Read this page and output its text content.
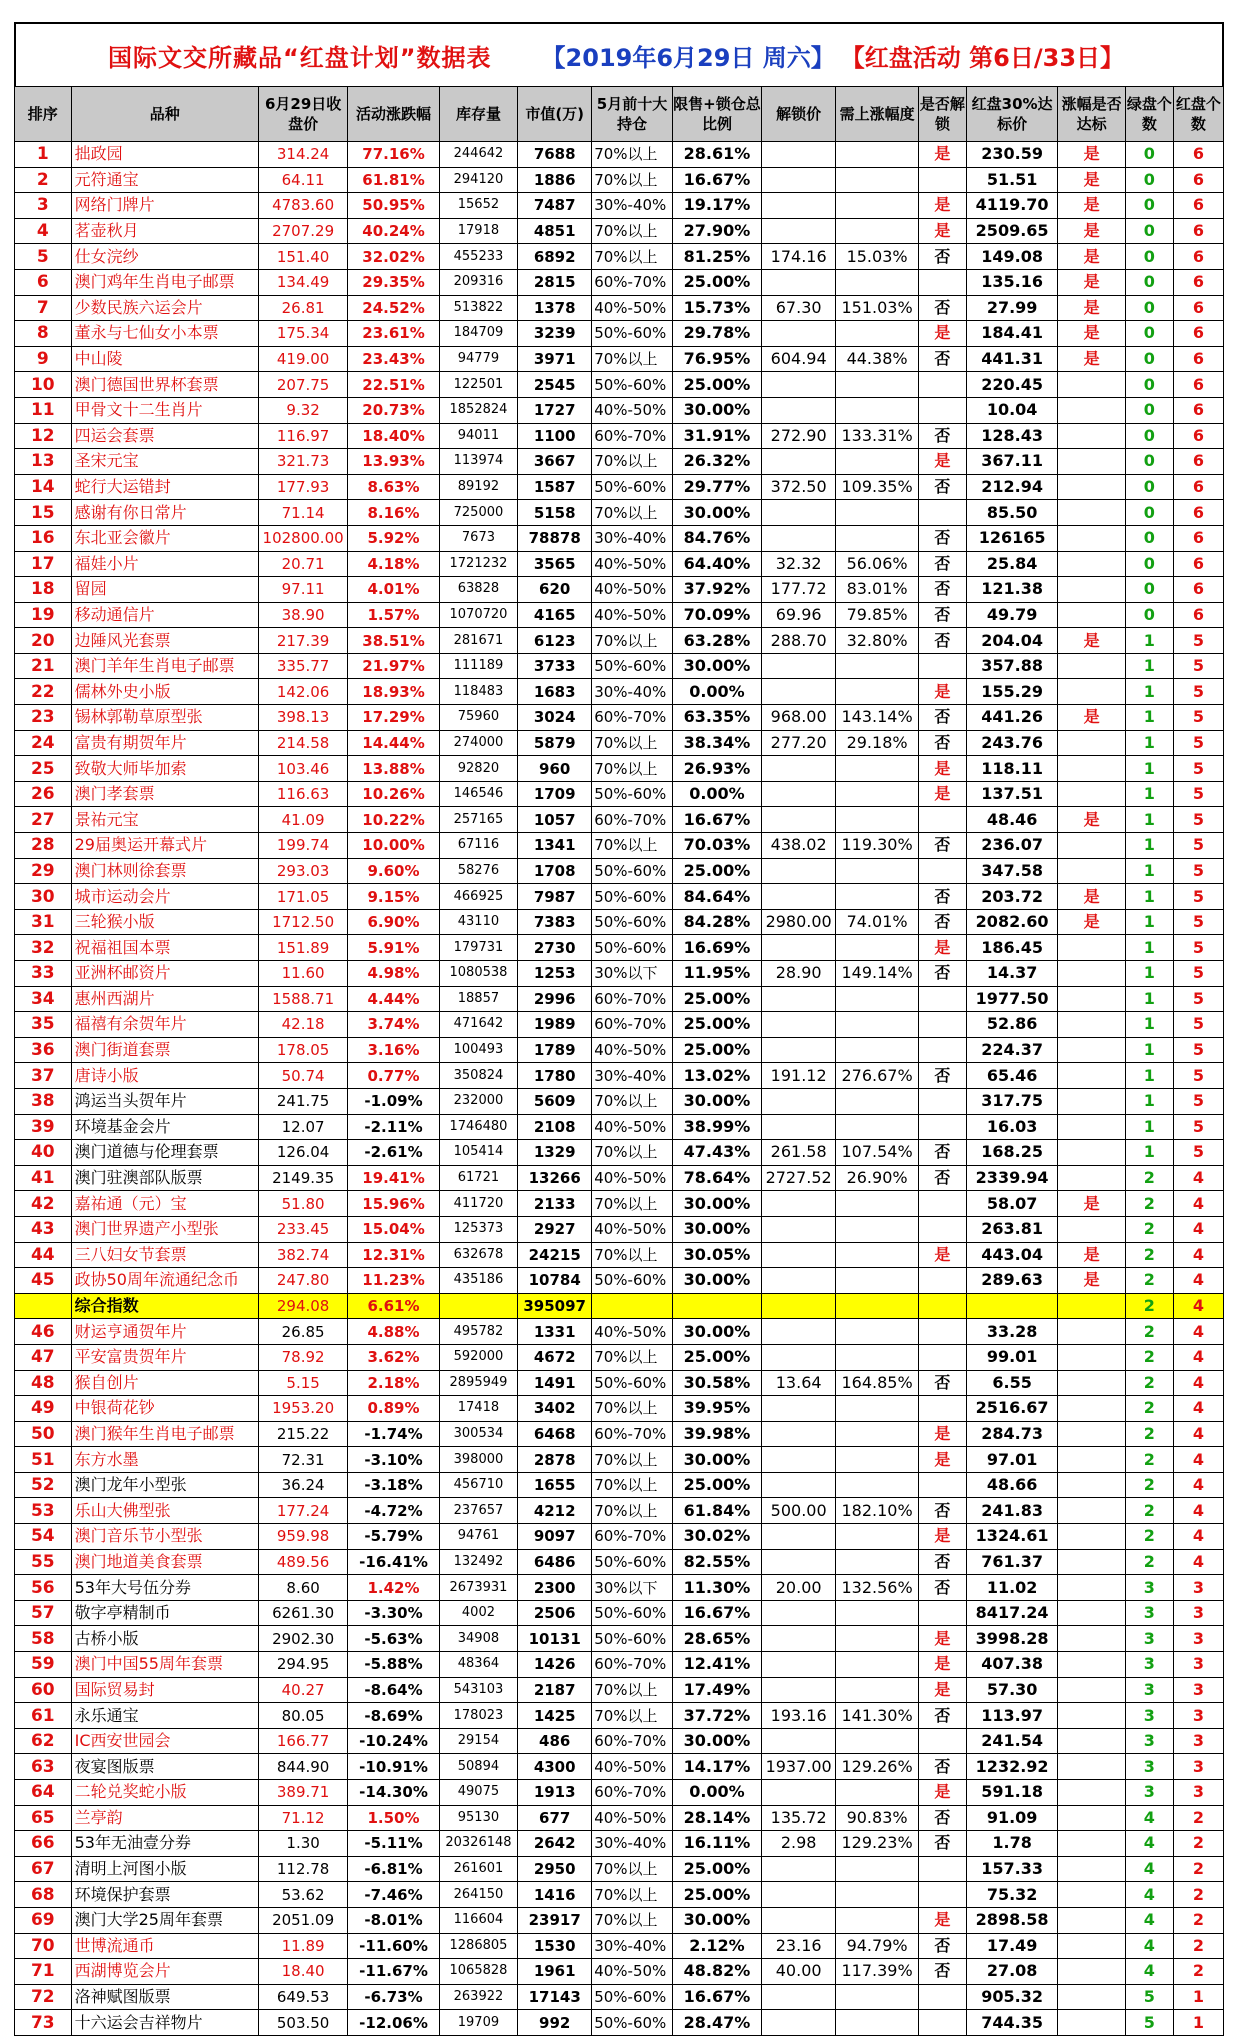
国际文交所藏品“红盘计划”数据表 【2019年6月29日 周六】 【红盘活动 第6日/33日】
排序	品种	6月29日收盘价	活动涨跌幅	库存量	市值(万)	5月前十大持仓	限售+锁仓总比例	解锁价	需上涨幅度	是否解锁	红盘30%达标价	涨幅是否达标	绿盘个数	红盘个数
1	拙政园	314.24	77.16%	244642	7688	70%以上	28.61%			是	230.59	是	0	6
2	元符通宝	64.11	61.81%	294120	1886	70%以上	16.67%				51.51	是	0	6
3	网络门牌片	4783.60	50.95%	15652	7487	30%-40%	19.17%			是	4119.70	是	0	6
4	茗壶秋月	2707.29	40.24%	17918	4851	70%以上	27.90%			是	2509.65	是	0	6
5	仕女浣纱	151.40	32.02%	455233	6892	70%以上	81.25%	174.16	15.03%	否	149.08	是	0	6
6	澳门鸡年生肖电子邮票	134.49	29.35%	209316	2815	60%-70%	25.00%				135.16	是	0	6
7	少数民族六运会片	26.81	24.52%	513822	1378	40%-50%	15.73%	67.30	151.03%	否	27.99	是	0	6
8	董永与七仙女小本票	175.34	23.61%	184709	3239	50%-60%	29.78%			是	184.41	是	0	6
9	中山陵	419.00	23.43%	94779	3971	70%以上	76.95%	604.94	44.38%	否	441.31	是	0	6
10	澳门德国世界杯套票	207.75	22.51%	122501	2545	50%-60%	25.00%				220.45		0	6
11	甲骨文十二生肖片	9.32	20.73%	1852824	1727	40%-50%	30.00%				10.04		0	6
12	四运会套票	116.97	18.40%	94011	1100	60%-70%	31.91%	272.90	133.31%	否	128.43		0	6
13	圣宋元宝	321.73	13.93%	113974	3667	70%以上	26.32%			是	367.11		0	6
14	蛇行大运错封	177.93	8.63%	89192	1587	50%-60%	29.77%	372.50	109.35%	否	212.94		0	6
15	感谢有你日常片	71.14	8.16%	725000	5158	70%以上	30.00%				85.50		0	6
16	东北亚会徽片	102800.00	5.92%	7673	78878	30%-40%	84.76%			否	126165		0	6
17	福娃小片	20.71	4.18%	1721232	3565	40%-50%	64.40%	32.32	56.06%	否	25.84		0	6
18	留园	97.11	4.01%	63828	620	40%-50%	37.92%	177.72	83.01%	否	121.38		0	6
19	移动通信片	38.90	1.57%	1070720	4165	40%-50%	70.09%	69.96	79.85%	否	49.79		0	6
20	边陲风光套票	217.39	38.51%	281671	6123	70%以上	63.28%	288.70	32.80%	否	204.04	是	1	5
21	澳门羊年生肖电子邮票	335.77	21.97%	111189	3733	50%-60%	30.00%				357.88		1	5
22	儒林外史小版	142.06	18.93%	118483	1683	30%-40%	0.00%			是	155.29		1	5
23	锡林郭勒草原型张	398.13	17.29%	75960	3024	60%-70%	63.35%	968.00	143.14%	否	441.26	是	1	5
24	富贵有期贺年片	214.58	14.44%	274000	5879	70%以上	38.34%	277.20	29.18%	否	243.76		1	5
25	致敬大师毕加索	103.46	13.88%	92820	960	70%以上	26.93%			是	118.11		1	5
26	澳门孝套票	116.63	10.26%	146546	1709	50%-60%	0.00%			是	137.51		1	5
27	景祐元宝	41.09	10.22%	257165	1057	60%-70%	16.67%				48.46	是	1	5
28	29届奥运开幕式片	199.74	10.00%	67116	1341	70%以上	70.03%	438.02	119.30%	否	236.07		1	5
29	澳门林则徐套票	293.03	9.60%	58276	1708	50%-60%	25.00%				347.58		1	5
30	城市运动会片	171.05	9.15%	466925	7987	50%-60%	84.64%			否	203.72	是	1	5
31	三轮猴小版	1712.50	6.90%	43110	7383	50%-60%	84.28%	2980.00	74.01%	否	2082.60	是	1	5
32	祝福祖国本票	151.89	5.91%	179731	2730	50%-60%	16.69%			是	186.45		1	5
33	亚洲杯邮资片	11.60	4.98%	1080538	1253	30%以下	11.95%	28.90	149.14%	否	14.37		1	5
34	惠州西湖片	1588.71	4.44%	18857	2996	60%-70%	25.00%				1977.50		1	5
35	福禧有余贺年片	42.18	3.74%	471642	1989	60%-70%	25.00%				52.86		1	5
36	澳门街道套票	178.05	3.16%	100493	1789	40%-50%	25.00%				224.37		1	5
37	唐诗小版	50.74	0.77%	350824	1780	30%-40%	13.02%	191.12	276.67%	否	65.46		1	5
38	鸿运当头贺年片	241.75	-1.09%	232000	5609	70%以上	30.00%				317.75		1	5
39	环境基金会片	12.07	-2.11%	1746480	2108	40%-50%	38.99%				16.03		1	5
40	澳门道德与伦理套票	126.04	-2.61%	105414	1329	70%以上	47.43%	261.58	107.54%	否	168.25		1	5
41	澳门驻澳部队版票	2149.35	19.41%	61721	13266	40%-50%	78.64%	2727.52	26.90%	否	2339.94		2	4
42	嘉祐通（元）宝	51.80	15.96%	411720	2133	70%以上	30.00%				58.07	是	2	4
43	澳门世界遗产小型张	233.45	15.04%	125373	2927	40%-50%	30.00%				263.81		2	4
44	三八妇女节套票	382.74	12.31%	632678	24215	70%以上	30.05%			是	443.04	是	2	4
45	政协50周年流通纪念币	247.80	11.23%	435186	10784	50%-60%	30.00%				289.63	是	2	4
	综合指数	294.08	6.61%		395097								2	4
46	财运亨通贺年片	26.85	4.88%	495782	1331	40%-50%	30.00%				33.28		2	4
47	平安富贵贺年片	78.92	3.62%	592000	4672	70%以上	25.00%				99.01		2	4
48	猴自创片	5.15	2.18%	2895949	1491	50%-60%	30.58%	13.64	164.85%	否	6.55		2	4
49	中银荷花钞	1953.20	0.89%	17418	3402	70%以上	39.95%				2516.67		2	4
50	澳门猴年生肖电子邮票	215.22	-1.74%	300534	6468	60%-70%	39.98%			是	284.73		2	4
51	东方水墨	72.31	-3.10%	398000	2878	70%以上	30.00%			是	97.01		2	4
52	澳门龙年小型张	36.24	-3.18%	456710	1655	70%以上	25.00%				48.66		2	4
53	乐山大佛型张	177.24	-4.72%	237657	4212	70%以上	61.84%	500.00	182.10%	否	241.83		2	4
54	澳门音乐节小型张	959.98	-5.79%	94761	9097	60%-70%	30.02%			是	1324.61		2	4
55	澳门地道美食套票	489.56	-16.41%	132492	6486	50%-60%	82.55%			否	761.37		2	4
56	53年大号伍分券	8.60	1.42%	2673931	2300	30%以下	11.30%	20.00	132.56%	否	11.02		3	3
57	敬字亭精制币	6261.30	-3.30%	4002	2506	50%-60%	16.67%				8417.24		3	3
58	古桥小版	2902.30	-5.63%	34908	10131	50%-60%	28.65%			是	3998.28		3	3
59	澳门中国55周年套票	294.95	-5.88%	48364	1426	60%-70%	12.41%			是	407.38		3	3
60	国际贸易封	40.27	-8.64%	543103	2187	70%以上	17.49%			是	57.30		3	3
61	永乐通宝	80.05	-8.69%	178023	1425	70%以上	37.72%	193.16	141.30%	否	113.97		3	3
62	IC西安世园会	166.77	-10.24%	29154	486	60%-70%	30.00%				241.54		3	3
63	夜宴图版票	844.90	-10.91%	50894	4300	40%-50%	14.17%	1937.00	129.26%	否	1232.92		3	3
64	二轮兑奖蛇小版	389.71	-14.30%	49075	1913	60%-70%	0.00%			是	591.18		3	3
65	兰亭韵	71.12	1.50%	95130	677	40%-50%	28.14%	135.72	90.83%	否	91.09		4	2
66	53年无油壹分券	1.30	-5.11%	20326148	2642	30%-40%	16.11%	2.98	129.23%	否	1.78		4	2
67	清明上河图小版	112.78	-6.81%	261601	2950	70%以上	25.00%				157.33		4	2
68	环境保护套票	53.62	-7.46%	264150	1416	70%以上	25.00%				75.32		4	2
69	澳门大学25周年套票	2051.09	-8.01%	116604	23917	70%以上	30.00%			是	2898.58		4	2
70	世博流通币	11.89	-11.60%	1286805	1530	30%-40%	2.12%	23.16	94.79%	否	17.49		4	2
71	西湖博览会片	18.40	-11.67%	1065828	1961	40%-50%	48.82%	40.00	117.39%	否	27.08		4	2
72	洛神赋图版票	649.53	-6.73%	263922	17143	50%-60%	16.67%				905.32		5	1
73	十六运会吉祥物片	503.50	-12.06%	19709	992	50%-60%	28.47%				744.35		5	1
